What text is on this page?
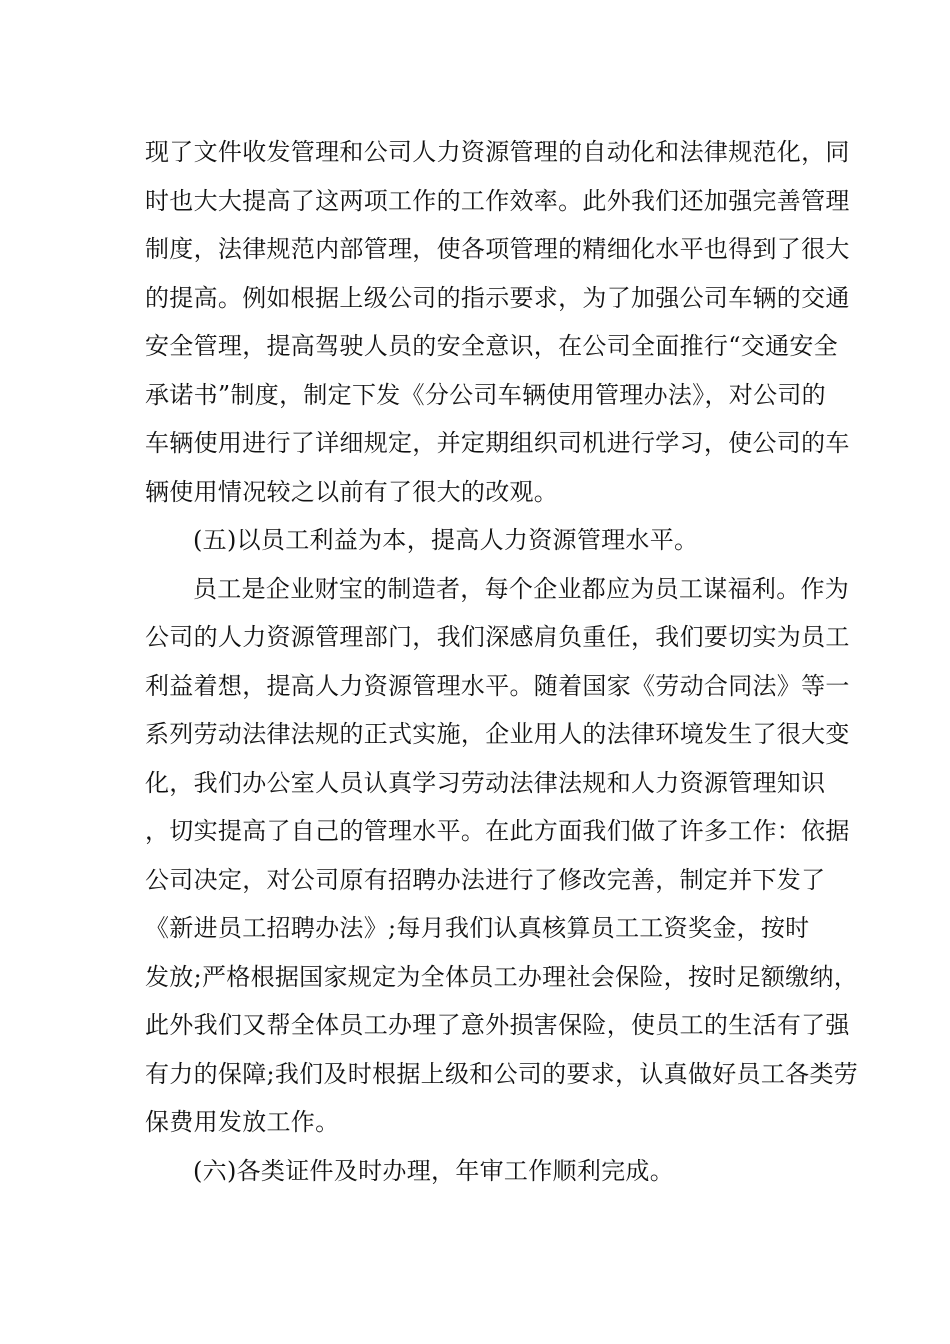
现了文件收发管理和公司人力资源管理的自动化和法律规范化，同
时也大大提高了这两项工作的工作效率。此外我们还加强完善管理
制度，法律规范内部管理，使各项管理的精细化水平也得到了很大
的提高。例如根据上级公司的指示要求，为了加强公司车辆的交通
安全管理，提高驾驶人员的安全意识，在公司全面推行“交通安全
承诺书”制度，制定下发《分公司车辆使用管理办法》，对公司的
车辆使用进行了详细规定，并定期组织司机进行学习，使公司的车
辆使用情况较之以前有了很大的改观。
(五)以员工利益为本，提高人力资源管理水平。
员工是企业财宝的制造者，每个企业都应为员工谋福利。作为
公司的人力资源管理部门，我们深感肩负重任，我们要切实为员工
利益着想，提高人力资源管理水平。随着国家《劳动合同法》等一
系列劳动法律法规的正式实施，企业用人的法律环境发生了很大变
化，我们办公室人员认真学习劳动法律法规和人力资源管理知识
，切实提高了自己的管理水平。在此方面我们做了许多工作：依据
公司决定，对公司原有招聘办法进行了修改完善，制定并下发了
《新进员工招聘办法》;每月我们认真核算员工工资奖金，按时
发放;严格根据国家规定为全体员工办理社会保险，按时足额缴纳，
此外我们又帮全体员工办理了意外损害保险，使员工的生活有了强
有力的保障;我们及时根据上级和公司的要求，认真做好员工各类劳
保费用发放工作。
(六)各类证件及时办理，年审工作顺利完成。
